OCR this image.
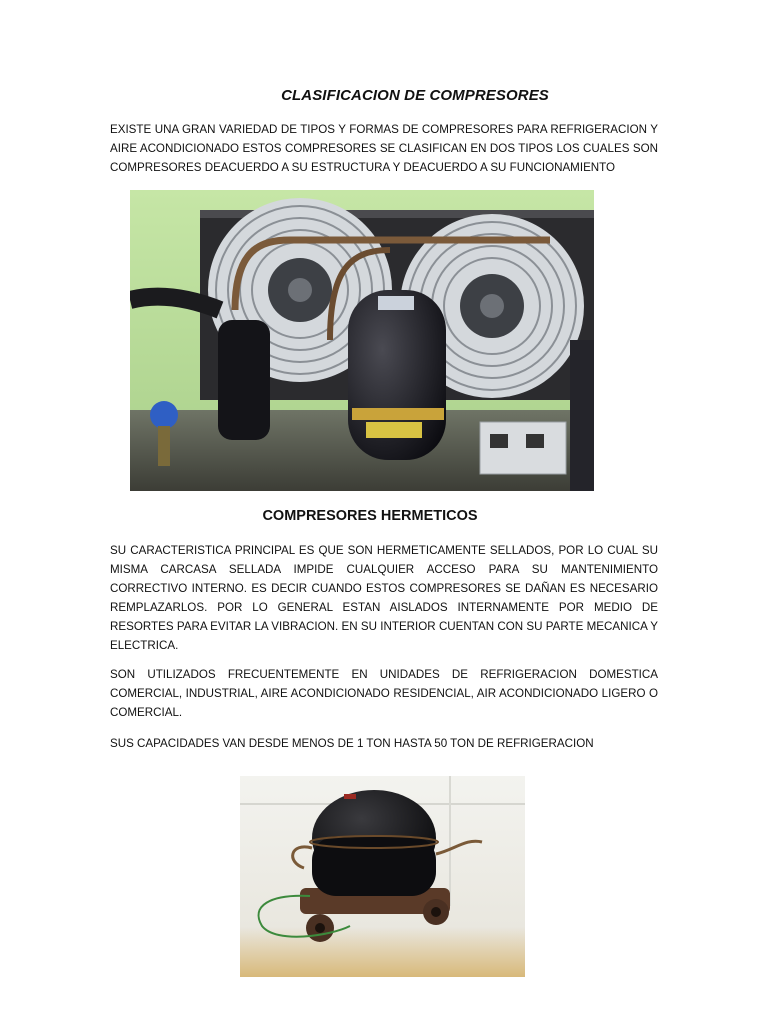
CLASIFICACION DE COMPRESORES

EXISTE UNA GRAN VARIEDAD DE TIPOS Y FORMAS DE COMPRESORES PARA REFRIGERACION Y AIRE ACONDICIONADO ESTOS COMPRESORES SE CLASIFICAN EN DOS TIPOS LOS CUALES SON COMPRESORES DEACUERDO A SU ESTRUCTURA Y DEACUERDO A SU FUNCIONAMIENTO

COMPRESORES HERMETICOS

SU CARACTERISTICA PRINCIPAL ES QUE SON HERMETICAMENTE SELLADOS, POR LO CUAL SU MISMA CARCASA SELLADA IMPIDE CUALQUIER ACCESO PARA SU MANTENIMIENTO CORRECTIVO INTERNO. ES DECIR CUANDO ESTOS COMPRESORES SE DAÑAN ES NECESARIO REMPLAZARLOS. POR LO GENERAL ESTAN AISLADOS INTERNAMENTE POR MEDIO DE RESORTES PARA EVITAR LA VIBRACION. EN SU INTERIOR CUENTAN CON SU PARTE MECANICA Y ELECTRICA.

SON UTILIZADOS FRECUENTEMENTE EN UNIDADES DE REFRIGERACION DOMESTICA COMERCIAL, INDUSTRIAL, AIRE ACONDICIONADO RESIDENCIAL, AIR ACONDICIONADO LIGERO O COMERCIAL.

SUS CAPACIDADES VAN DESDE MENOS DE 1 TON HASTA 50 TON DE REFRIGERACION
